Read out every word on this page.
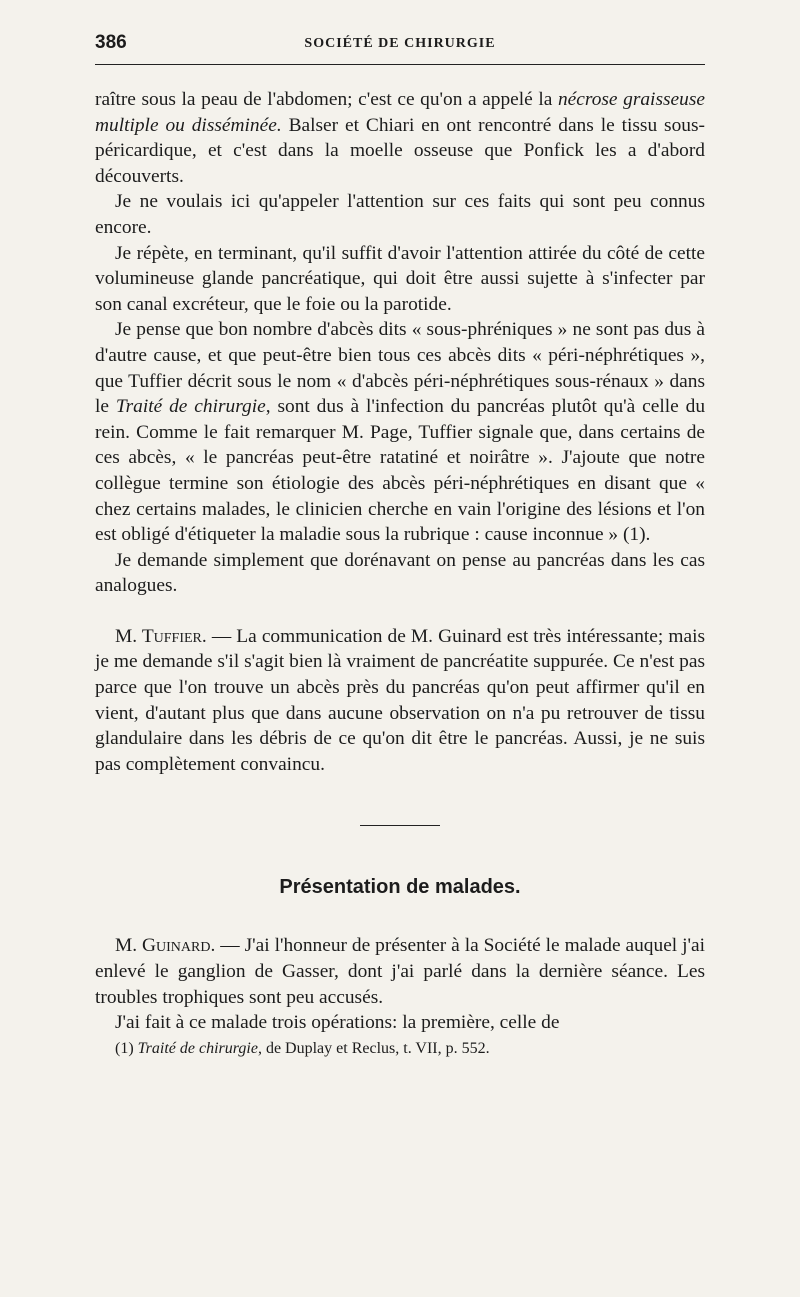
386	SOCIÉTÉ DE CHIRURGIE

raître sous la peau de l'abdomen; c'est ce qu'on a appelé la nécrose graisseuse multiple ou disséminée. Balser et Chiari en ont rencontré dans le tissu sous-péricardique, et c'est dans la moelle osseuse que Ponfick les a d'abord découverts.

Je ne voulais ici qu'appeler l'attention sur ces faits qui sont peu connus encore.

Je répète, en terminant, qu'il suffit d'avoir l'attention attirée du côté de cette volumineuse glande pancréatique, qui doit être aussi sujette à s'infecter par son canal excréteur, que le foie ou la parotide.

Je pense que bon nombre d'abcès dits « sous-phréniques » ne sont pas dus à d'autre cause, et que peut-être bien tous ces abcès dits « péri-néphrétiques », que Tuffier décrit sous le nom « d'abcès péri-néphrétiques sous-rénaux » dans le Traité de chirurgie, sont dus à l'infection du pancréas plutôt qu'à celle du rein. Comme le fait remarquer M. Page, Tuffier signale que, dans certains de ces abcès, « le pancréas peut-être ratatiné et noirâtre ». J'ajoute que notre collègue termine son étiologie des abcès péri-néphrétiques en disant que « chez certains malades, le clinicien cherche en vain l'origine des lésions et l'on est obligé d'étiqueter la maladie sous la rubrique : cause inconnue » (1).

Je demande simplement que dorénavant on pense au pancréas dans les cas analogues.

M. Tuffier. — La communication de M. Guinard est très intéressante; mais je me demande s'il s'agit bien là vraiment de pancréatite suppurée. Ce n'est pas parce que l'on trouve un abcès près du pancréas qu'on peut affirmer qu'il en vient, d'autant plus que dans aucune observation on n'a pu retrouver de tissu glandulaire dans les débris de ce qu'on dit être le pancréas. Aussi, je ne suis pas complètement convaincu.

Présentation de malades.

M. Guinard. — J'ai l'honneur de présenter à la Société le malade auquel j'ai enlevé le ganglion de Gasser, dont j'ai parlé dans la dernière séance. Les troubles trophiques sont peu accusés.

J'ai fait à ce malade trois opérations: la première, celle de

(1) Traité de chirurgie, de Duplay et Reclus, t. VII, p. 552.
